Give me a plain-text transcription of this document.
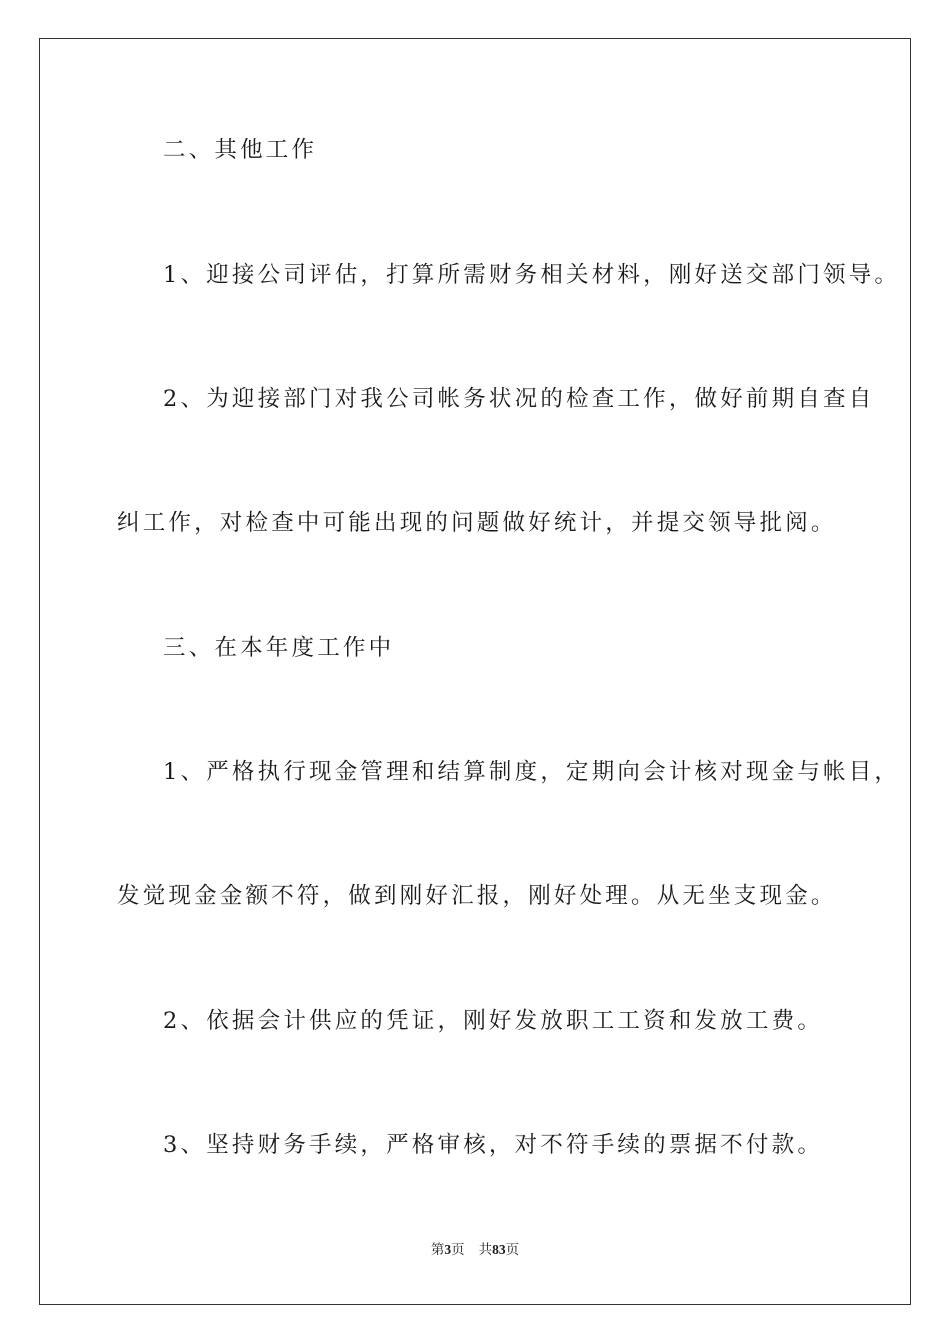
二、其他工作
1、迎接公司评估，打算所需财务相关材料，刚好送交部门领导。
2、为迎接部门对我公司帐务状况的检查工作，做好前期自查自
纠工作，对检查中可能出现的问题做好统计，并提交领导批阅。
三、在本年度工作中
1、严格执行现金管理和结算制度，定期向会计核对现金与帐目，
发觉现金金额不符，做到刚好汇报，刚好处理。从无坐支现金。
2、依据会计供应的凭证，刚好发放职工工资和发放工费。
3、坚持财务手续，严格审核，对不符手续的票据不付款。
第3页 共83页
